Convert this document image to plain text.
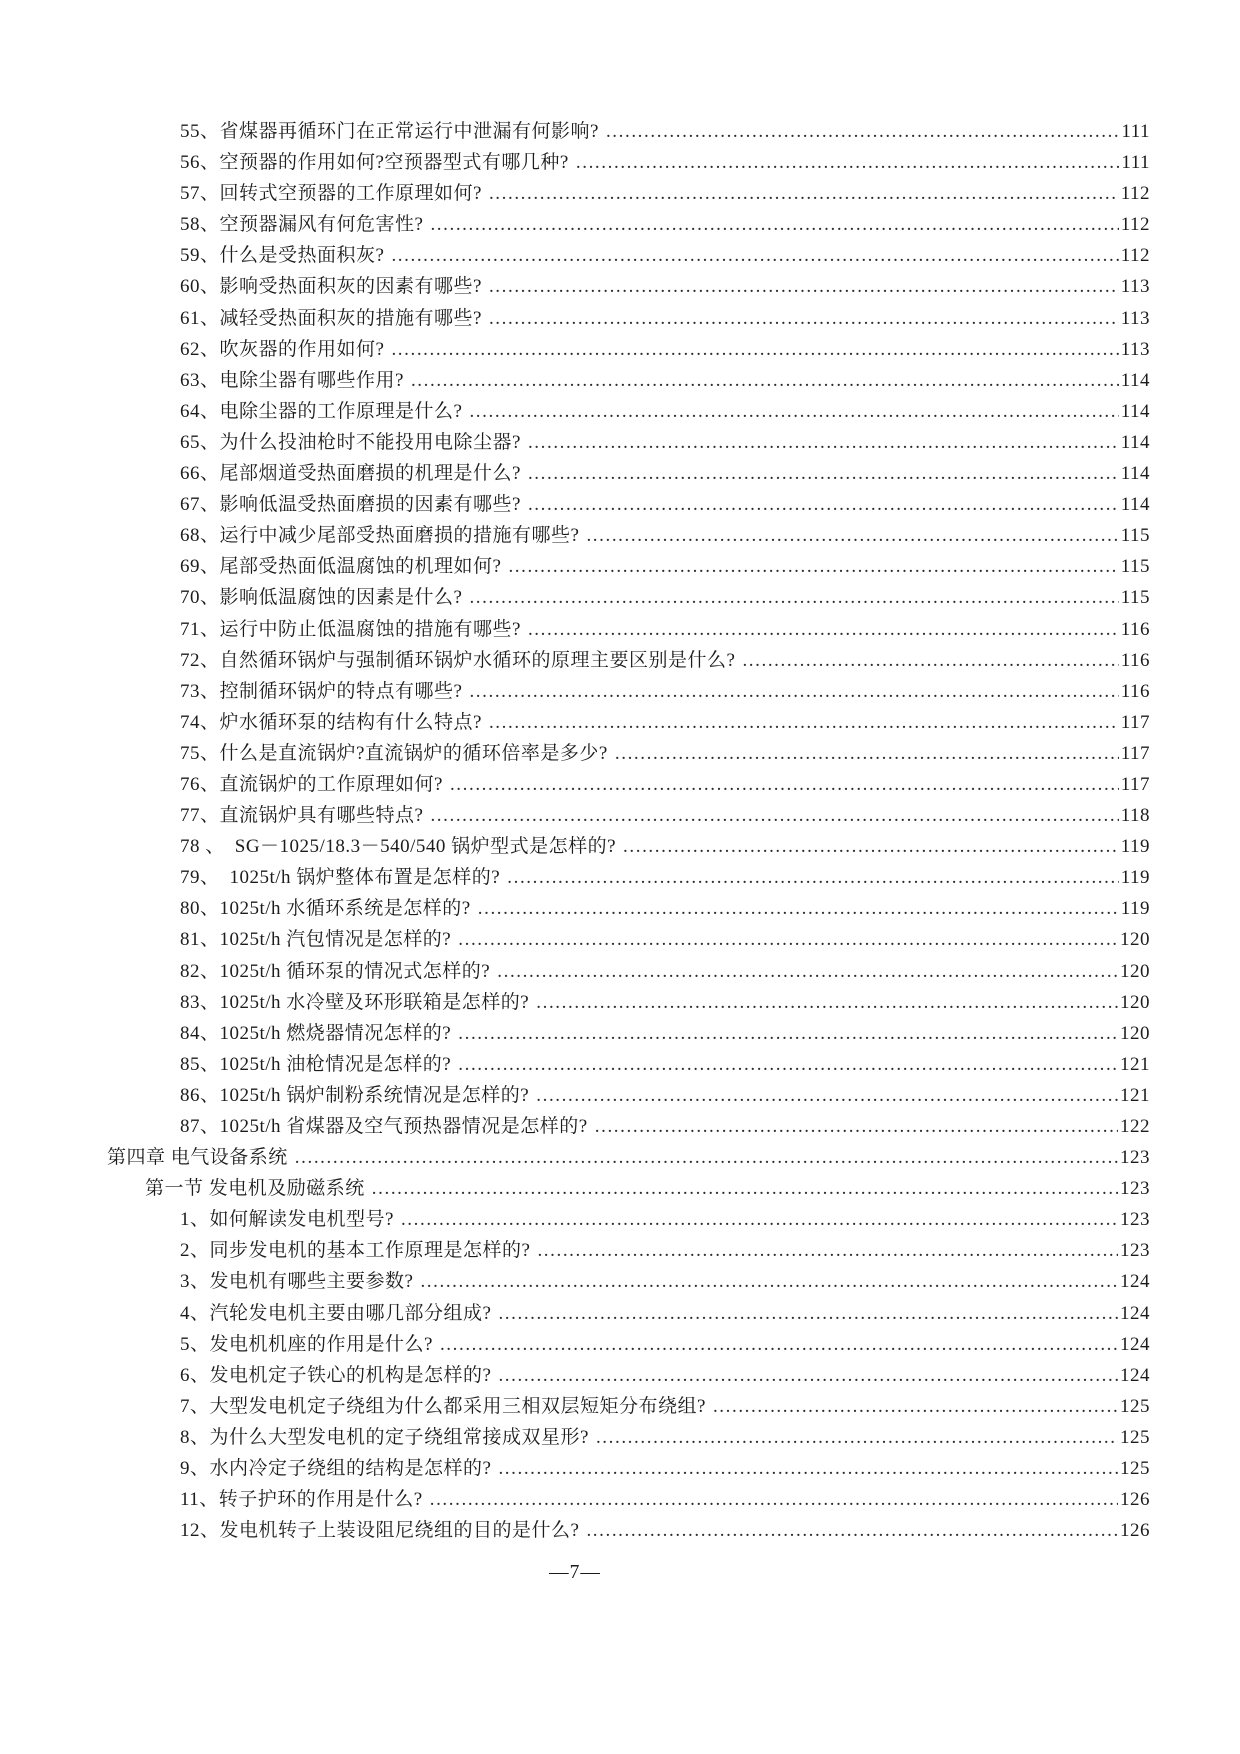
55、省煤器再循环门在正常运行中泄漏有何影响? .....	111
56、空预器的作用如何?空预器型式有哪几种? .....	111
57、回转式空预器的工作原理如何? .....	112
58、空预器漏风有何危害性? .....	112
59、什么是受热面积灰? .....	112
60、影响受热面积灰的因素有哪些? .....	113
61、减轻受热面积灰的措施有哪些? .....	113
62、吹灰器的作用如何? .....	113
63、电除尘器有哪些作用? .....	114
64、电除尘器的工作原理是什么? .....	114
65、为什么投油枪时不能投用电除尘器? .....	114
66、尾部烟道受热面磨损的机理是什么? .....	114
67、影响低温受热面磨损的因素有哪些? .....	114
68、运行中减少尾部受热面磨损的措施有哪些? .....	115
69、尾部受热面低温腐蚀的机理如何? .....	115
70、影响低温腐蚀的因素是什么? .....	115
71、运行中防止低温腐蚀的措施有哪些? .....	116
72、自然循环锅炉与强制循环锅炉水循环的原理主要区别是什么? .....	116
73、控制循环锅炉的特点有哪些? .....	116
74、炉水循环泵的结构有什么特点? .....	117
75、什么是直流锅炉?直流锅炉的循环倍率是多少? .....	117
76、直流锅炉的工作原理如何? .....	117
77、直流锅炉具有哪些特点? .....	118
78 、　SG－1025/18.3－540/540 锅炉型式是怎样的? .....	119
79、　1025t/h 锅炉整体布置是怎样的? .....	119
80、1025t/h 水循环系统是怎样的? .....	119
81、1025t/h 汽包情况是怎样的? .....	120
82、1025t/h 循环泵的情况式怎样的? .....	120
83、1025t/h 水冷壁及环形联箱是怎样的? .....	120
84、1025t/h 燃烧器情况怎样的? .....	120
85、1025t/h 油枪情况是怎样的? .....	121
86、1025t/h 锅炉制粉系统情况是怎样的? .....	121
87、1025t/h 省煤器及空气预热器情况是怎样的? .....	122
第四章 电气设备系统 .....	123
第一节 发电机及励磁系统 .....	123
1、如何解读发电机型号? .....	123
2、同步发电机的基本工作原理是怎样的? .....	123
3、发电机有哪些主要参数? .....	124
4、汽轮发电机主要由哪几部分组成? .....	124
5、发电机机座的作用是什么? .....	124
6、发电机定子铁心的机构是怎样的? .....	124
7、大型发电机定子绕组为什么都采用三相双层短矩分布绕组? .....	125
8、为什么大型发电机的定子绕组常接成双星形? .....	125
9、水内冷定子绕组的结构是怎样的? .....	125
11、转子护环的作用是什么? .....	126
12、发电机转子上装设阻尼绕组的目的是什么? .....	126
—7—
